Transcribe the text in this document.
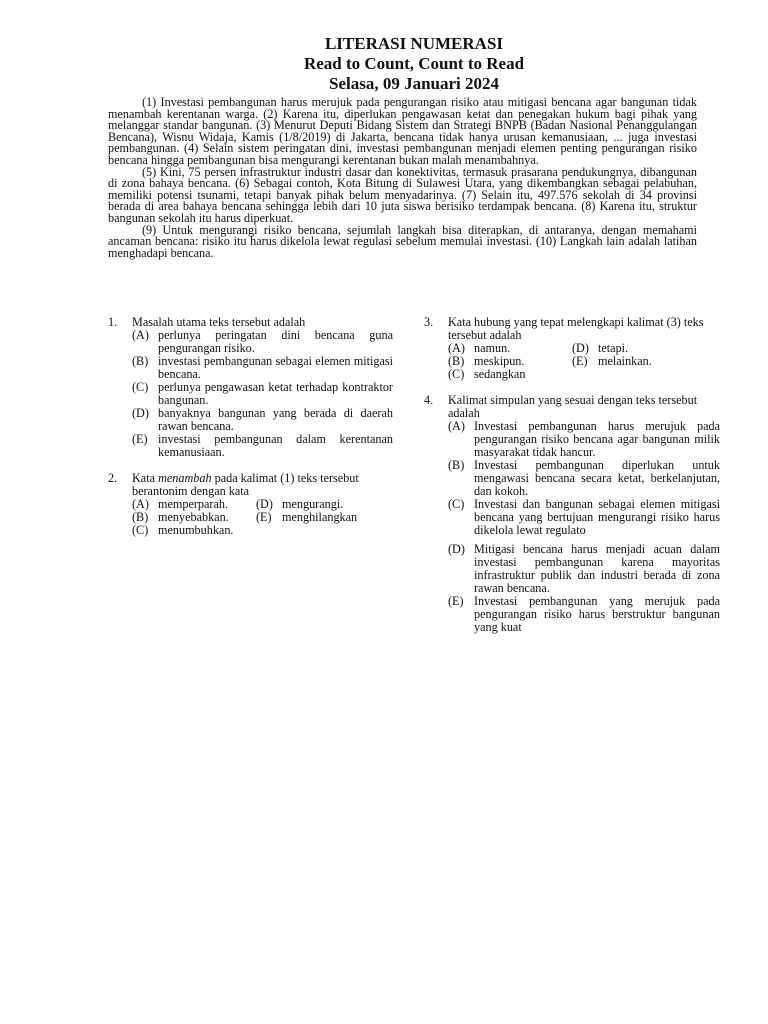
LITERASI NUMERASI
Read to Count, Count to Read
Selasa, 09 Januari 2024

(1) Investasi pembangunan harus merujuk pada pengurangan risiko atau mitigasi bencana agar bangunan tidak menambah kerentanan warga. (2) Karena itu, diperlukan pengawasan ketat dan penegakan hukum bagi pihak yang melanggar standar bangunan. (3) Menurut Deputi Bidang Sistem dan Strategi BNPB (Badan Nasional Penanggulangan Bencana), Wisnu Widaja, Kamis (1/8/2019) di Jakarta, bencana tidak hanya urusan kemanusiaan, ... juga investasi pembangunan. (4) Selain sistem peringatan dini, investasi pembangunan menjadi elemen penting pengurangan risiko bencana hingga pembangunan bisa mengurangi kerentanan bukan malah menambahnya.

(5) Kini, 75 persen infrastruktur industri dasar dan konektivitas, termasuk prasarana pendukungnya, dibangunan di zona bahaya bencana. (6) Sebagai contoh, Kota Bitung di Sulawesi Utara, yang dikembangkan sebagai pelabuhan, memiliki potensi tsunami, tetapi banyak pihak belum menyadarinya. (7) Selain itu, 497.576 sekolah di 34 provinsi berada di area bahaya bencana sehingga lebih dari 10 juta siswa berisiko terdampak bencana. (8) Karena itu, struktur bangunan sekolah itu harus diperkuat.

(9) Untuk mengurangi risiko bencana, sejumlah langkah bisa diterapkan, di antaranya, dengan memahami ancaman bencana: risiko itu harus dikelola lewat regulasi sebelum memulai investasi. (10) Langkah lain adalah latihan menghadapi bencana.

1. Masalah utama teks tersebut adalah
(A) perlunya peringatan dini bencana guna pengurangan risiko.
(B) investasi pembangunan sebagai elemen mitigasi bencana.
(C) perlunya pengawasan ketat terhadap kontraktor bangunan.
(D) banyaknya bangunan yang berada di daerah rawan bencana.
(E) investasi pembangunan dalam kerentanan kemanusiaan.
2. Kata menambah pada kalimat (1) teks tersebut berantonim dengan kata
(A) memperparah.	(D) mengurangi.
(B) menyebabkan.	(E) menghilangkan
(C) menumbuhkan.
3. Kata hubung yang tepat melengkapi kalimat (3) teks tersebut adalah
(A) namun.	(D) tetapi.
(B) meskipun.	(E) melainkan.
(C) sedangkan
4. Kalimat simpulan yang sesuai dengan teks tersebut adalah
(A) Investasi pembangunan harus merujuk pada pengurangan risiko bencana agar bangunan milik masyarakat tidak hancur.
(B) Investasi pembangunan diperlukan untuk mengawasi bencana secara ketat, berkelanjutan, dan kokoh.
(C) Investasi dan bangunan sebagai elemen mitigasi bencana yang bertujuan mengurangi risiko harus dikelola lewat regulato
(D) Mitigasi bencana harus menjadi acuan dalam investasi pembangunan karena mayoritas infrastruktur publik dan industri berada di zona rawan bencana.
(E) Investasi pembangunan yang merujuk pada pengurangan risiko harus berstruktur bangunan yang kuat
